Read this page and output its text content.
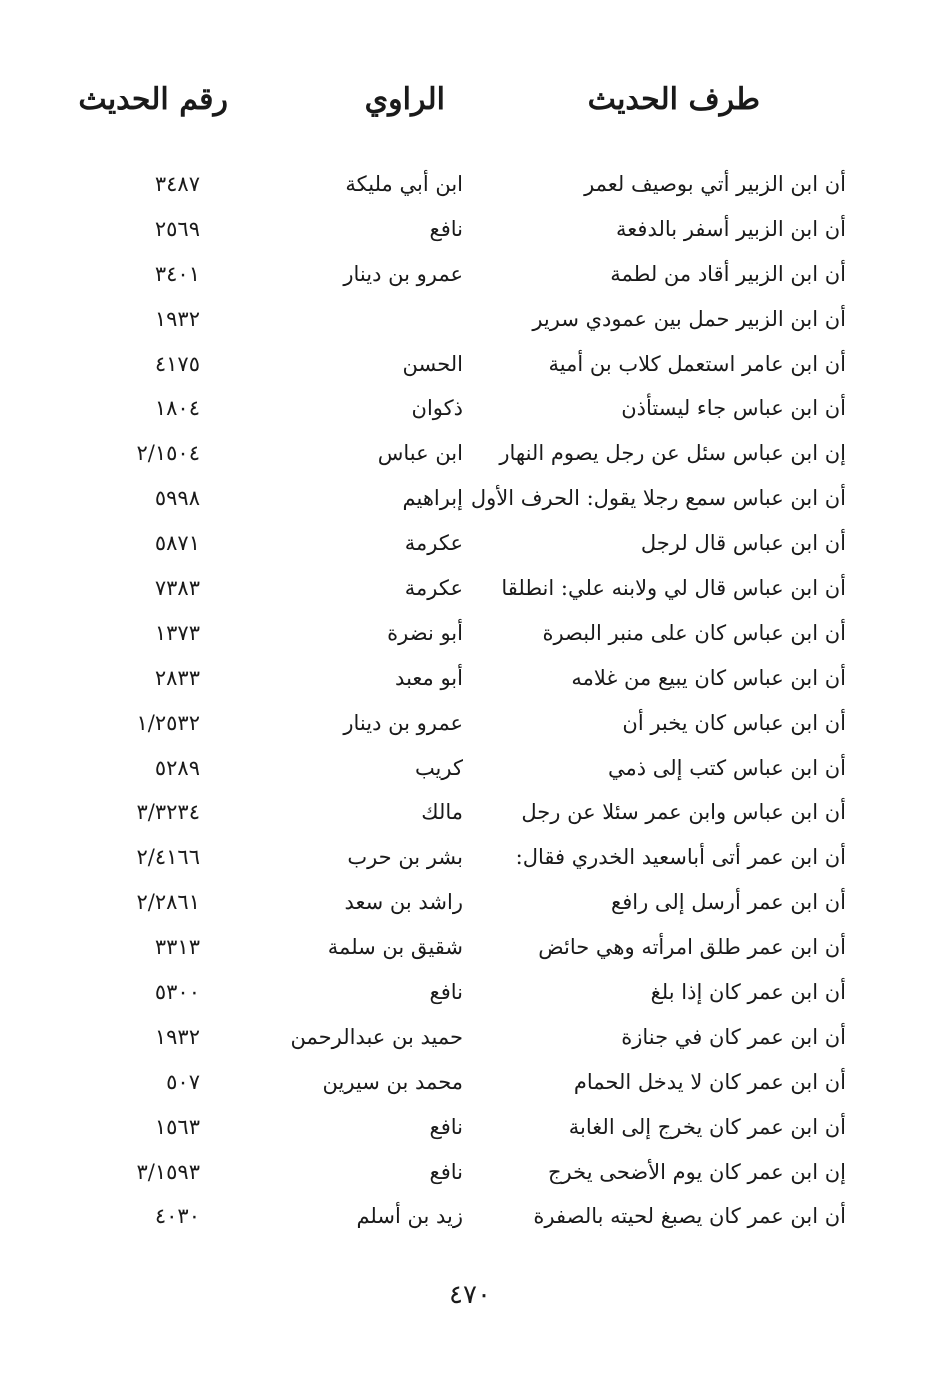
طرف الحديث
الراوي
رقم الحديث
أن ابن الزبير أتي بوصيف لعمر
ابن أبي مليكة
٣٤٨٧
أن ابن الزبير أسفر بالدفعة
نافع
٢٥٦٩
أن ابن الزبير أقاد من لطمة
عمرو بن دينار
٣٤٠١
أن ابن الزبير حمل بين عمودي سرير
١٩٣٢
أن ابن عامر استعمل كلاب بن أمية
الحسن
٤١٧٥
أن ابن عباس جاء ليستأذن
ذكوان
١٨٠٤
إن ابن عباس سئل عن رجل يصوم النهار
ابن عباس
٢/١٥٠٤
أن ابن عباس سمع رجلا يقول: الحرف الأول
إبراهيم
٥٩٩٨
أن ابن عباس قال لرجل
عكرمة
٥٨٧١
أن ابن عباس قال لي ولابنه علي: انطلقا
عكرمة
٧٣٨٣
أن ابن عباس كان على منبر البصرة
أبو نضرة
١٣٧٣
أن ابن عباس كان يبيع من غلامه
أبو معبد
٢٨٣٣
أن ابن عباس كان يخبر أن
عمرو بن دينار
١/٢٥٣٢
أن ابن عباس كتب إلى ذمي
كريب
٥٢٨٩
أن ابن عباس وابن عمر سئلا عن رجل
مالك
٣/٣٢٣٤
أن ابن عمر أتى أباسعيد الخدري فقال:
بشر بن حرب
٢/٤١٦٦
أن ابن عمر أرسل إلى رافع
راشد بن سعد
٢/٢٨٦١
أن ابن عمر طلق امرأته وهي حائض
شقيق بن سلمة
٣٣١٣
أن ابن عمر كان إذا بلغ
نافع
٥٣٠٠
أن ابن عمر كان في جنازة
حميد بن عبدالرحمن
١٩٣٢
أن ابن عمر كان لا يدخل الحمام
محمد بن سيرين
٥٠٧
أن ابن عمر كان يخرج إلى الغابة
نافع
١٥٦٣
إن ابن عمر كان يوم الأضحى يخرج
نافع
٣/١٥٩٣
أن ابن عمر كان يصبغ لحيته بالصفرة
زيد بن أسلم
٤٠٣٠
٤٧٠
